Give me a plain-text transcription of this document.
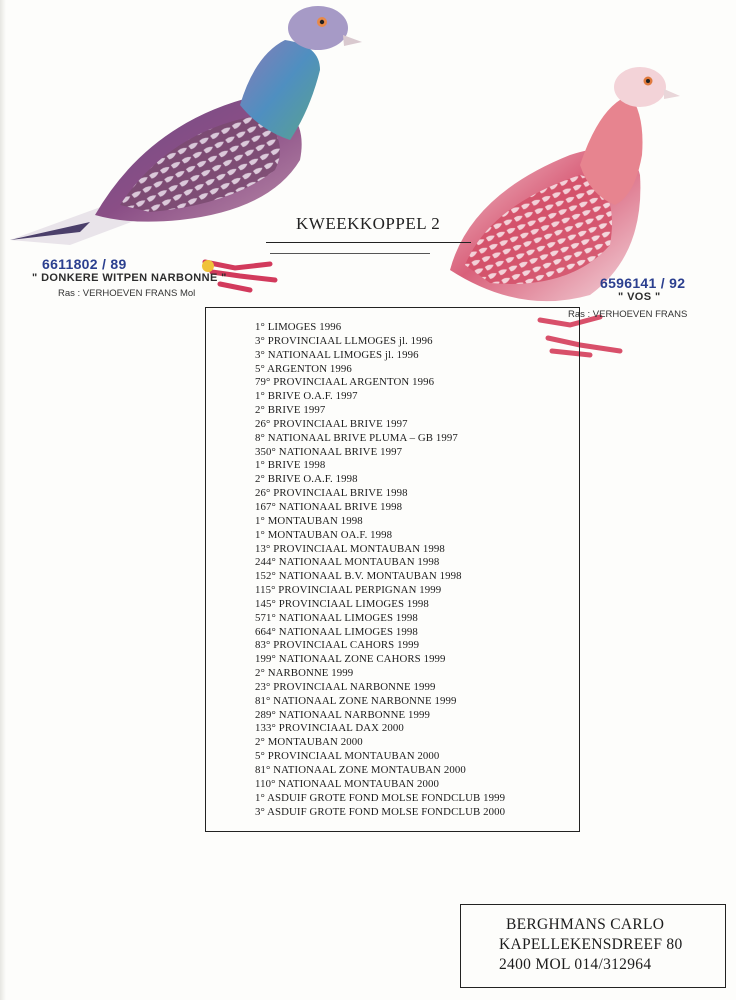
KWEEKKOPPEL 2
6611802 / 89
" DONKERE WITPEN NARBONNE "
Ras : VERHOEVEN FRANS Mol
6596141 / 92
" VOS "
Ras : VERHOEVEN FRANS
1° LIMOGES 1996
3° PROVINCIAAL LLMOGES jl. 1996
3° NATIONAAL LIMOGES jl. 1996
5° ARGENTON 1996
79° PROVINCIAAL ARGENTON 1996
1° BRIVE O.A.F. 1997
2° BRIVE 1997
26° PROVINCIAAL BRIVE 1997
8° NATIONAAL BRIVE PLUMA – GB 1997
350° NATIONAAL BRIVE 1997
1° BRIVE 1998
2° BRIVE O.A.F. 1998
26° PROVINCIAAL BRIVE 1998
167° NATIONAAL BRIVE 1998
1° MONTAUBAN 1998
1° MONTAUBAN OA.F. 1998
13° PROVINCIAAL MONTAUBAN 1998
244° NATIONAAL MONTAUBAN 1998
152° NATIONAAL B.V. MONTAUBAN 1998
115° PROVINCIAAL PERPIGNAN 1999
145° PROVINCIAAL LIMOGES 1998
571° NATIONAAL LIMOGES 1998
664° NATIONAAL LIMOGES 1998
83° PROVINCIAAL CAHORS 1999
199° NATIONAAL ZONE CAHORS 1999
2° NARBONNE 1999
23° PROVINCIAAL NARBONNE 1999
81° NATIONAAL ZONE NARBONNE 1999
289° NATIONAAL NARBONNE 1999
133° PROVINCIAAL DAX 2000
2° MONTAUBAN 2000
5° PROVINCIAAL MONTAUBAN 2000
81° NATIONAAL ZONE MONTAUBAN 2000
110° NATIONAAL MONTAUBAN 2000
1° ASDUIF GROTE FOND MOLSE FONDCLUB 1999
3° ASDUIF GROTE FOND MOLSE FONDCLUB 2000
BERGHMANS CARLO
KAPELLEKENSDREEF 80
2400 MOL 014/312964
